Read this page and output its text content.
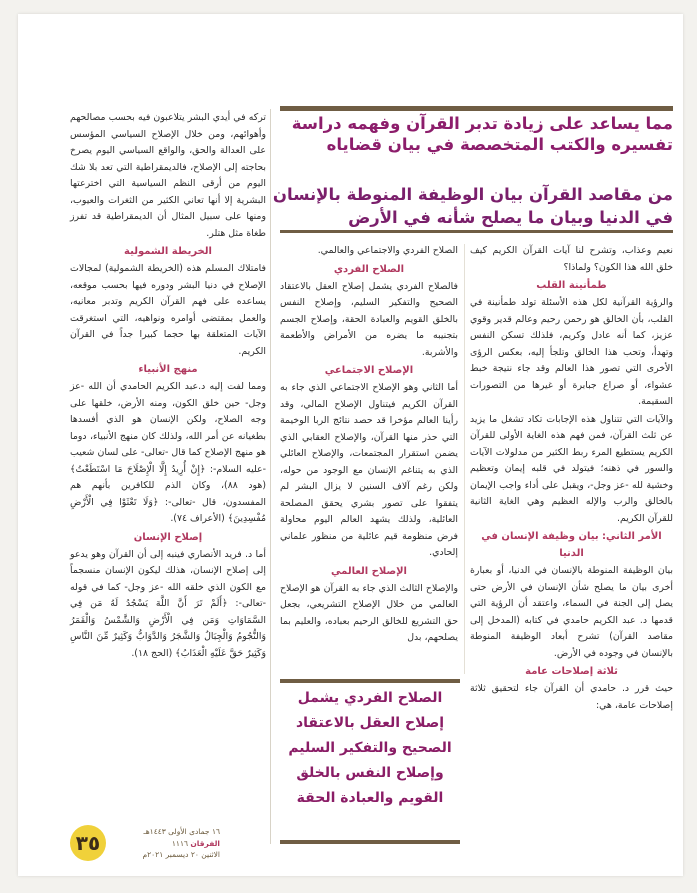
مما يساعد على زيادة تدبر القرآن وفهمه دراسة
تفسيره والكتب المتخصصة في بيان قضاياه
من مقاصد القرآن بيان الوظيفة المنوطة بالإنسان
في الدنيا وبيان ما يصلح شأنه في الأرض

نعيم وعذاب، وتشرح لنا آيات القرآن الكريم كيف خلق الله هذا الكون؟ ولماذا؟

طمأنينة القلب

والرؤية القرآنية لكل هذه الأسئلة تولد طمأنينة في القلب، بأن الخالق هو رحمن رحيم وعالم قدير وقوي عزيز، كما أنه عادل وكريم، فلذلك تسكن النفس وتهدأ، وتحب هذا الخالق وتلجأ إليه، بعكس الرؤى الأخرى التي تصور هذا العالم وقد جاء نتيجة خبط عشواء، أو صراع جبابرة أو غيرها من التصورات السقيمة.

والآيات التي تتناول هذه الإجابات تكاد تشغل ما يزيد عن ثلث القرآن، فمن فهم هذه الغاية الأولى للقرآن الكريم يستطيع المرء ربط الكثير من مدلولات الآيات والسور في ذهنه؛ فيتولد في قلبه إيمان وتعظيم وخشية لله -عز وجل-، ويقبل على أداء واجب الإيمان بالخالق والرب والإله العظيم وهي الغاية الثانية للقرآن الكريم.

الأمر الثاني: بيان وظيفة الإنسان في الدنيا

بيان الوظيفة المنوطة بالإنسان في الدنيا، أو بعبارة أخرى بيان ما يصلح شأن الإنسان في الأرض حتى يصل إلى الجنة في السماء، واعتقد أن الرؤية التي قدمها د. عبد الكريم حامدي في كتابه (المدخل إلى مقاصد القرآن) تشرح أبعاد الوظيفة المنوطة بالإنسان في وجوده في الأرض.

ثلاثة إصلاحات عامة

حيث قرر د. حامدي أن القرآن جاء لتحقيق ثلاثة إصلاحات عامة، هي:

الصلاح الفردي والاجتماعي والعالمي.

الصلاح الفردي

فالصلاح الفردي يشمل إصلاح العقل بالاعتقاد الصحيح والتفكير السليم، وإصلاح النفس بالخلق القويم والعبادة الحقة، وإصلاح الجسم بتجنيبه ما يضره من الأمراض والأطعمة والأشربة.

الإصلاح الاجتماعي

أما الثاني وهو الإصلاح الاجتماعي الذي جاء به القرآن الكريم فيتناول الإصلاح المالي، وقد رأينا العالم مؤخرا قد حصد نتائج الربا الوخيمة التي حذر منها القرآن، والإصلاح العقابي الذي يضمن استقرار المجتمعات، والإصلاح العائلي الذي به يتناغم الإنسان مع الوجود من حوله، ولكن رغم آلاف السنين لا يزال البشر لم يتفقوا على تصور بشري يحقق المصلحة العائلية، ولذلك يشهد العالم اليوم محاولة فرض منظومة قيم عائلية من منظور علماني إلحادي.

الإصلاح العالمي

والإصلاح الثالث الذي جاء به القرآن هو الإصلاح العالمي من خلال الإصلاح التشريعي، بجعل حق التشريع للخالق الرحيم بعباده، والعليم بما يصلحهم، بدل

الصلاح الفردي يشمل
إصلاح العقل بالاعتقاد
الصحيح والتفكير السليم
وإصلاح النفس بالخلق
القويم والعبادة الحقة

تركه في أيدي البشر يتلاعبون فيه بحسب مصالحهم وأهوائهم، ومن خلال الإصلاح السياسي المؤسس على العدالة والحق، والواقع السياسي اليوم يصرخ بحاجته إلى الإصلاح، فالديمقراطية التي تعد بلا شك اليوم من أرقى النظم السياسية التي اخترعتها البشرية إلا أنها تعاني الكثير من الثغرات والعيوب، ومنها على سبيل المثال أن الديمقراطية قد تفرز طغاة مثل هتلر.

الخريطة الشمولية

فامتلاك المسلم هذه (الخريطة الشمولية) لمجالات الإصلاح في دنيا البشر ودوره فيها بحسب موقعه، يساعده على فهم القرآن الكريم وتدبر معانيه، والعمل بمقتضى أوامره ونواهيه، التي استغرقت الآيات المتعلقة بها حجما كبيرا جداً في القرآن الكريم.

منهج الأنبياء

ومما لفت إليه د.عبد الكريم الحامدي أن الله -عز وجل- حين خلق الكون، ومنه الأرض، خلقها على وجه الصلاح، ولكن الإنسان هو الذي أفسدها بطغيانه عن أمر الله، ولذلك كان منهج الأنبياء، دوما هو منهج الإصلاح كما قال -تعالى- على لسان شعيب -عليه السلام-: ﴿إِنْ أُرِيدُ إِلَّا الْإِصْلَاحَ مَا اسْتَطَعْتُ﴾ (هود ٨٨)، وكان الذم للكافرين بأنهم هم المفسدون، قال -تعالى-: ﴿وَلَا تَعْثَوْا فِي الْأَرْضِ مُفْسِدِينَ﴾ (الأعراف ٧٤).

إصلاح الإنسان

أما د. فريد الأنصاري فينبه إلى أن القرآن وهو يدعو إلى إصلاح الإنسان، هذلك ليكون الإنسان منسجماً مع الكون الذي خلقه الله -عز وجل- كما في قوله -تعالى-: ﴿أَلَمْ تَرَ أَنَّ اللَّهَ يَسْجُدُ لَهُ مَن فِي السَّمَاوَاتِ وَمَن فِي الْأَرْضِ وَالشَّمْسُ وَالْقَمَرُ وَالنُّجُومُ وَالْجِبَالُ وَالشَّجَرُ وَالدَّوَابُّ وَكَثِيرٌ مِّنَ النَّاسِ وَكَثِيرٌ حَقَّ عَلَيْهِ الْعَذَابُ﴾ (الحج ١٨).

٣٥	١٦ جمادى الأولى ١٤٤٣هـ
الفرقان ١١١٦
الاثنين ٢٠ ديسمبر ٢٠٢١م
